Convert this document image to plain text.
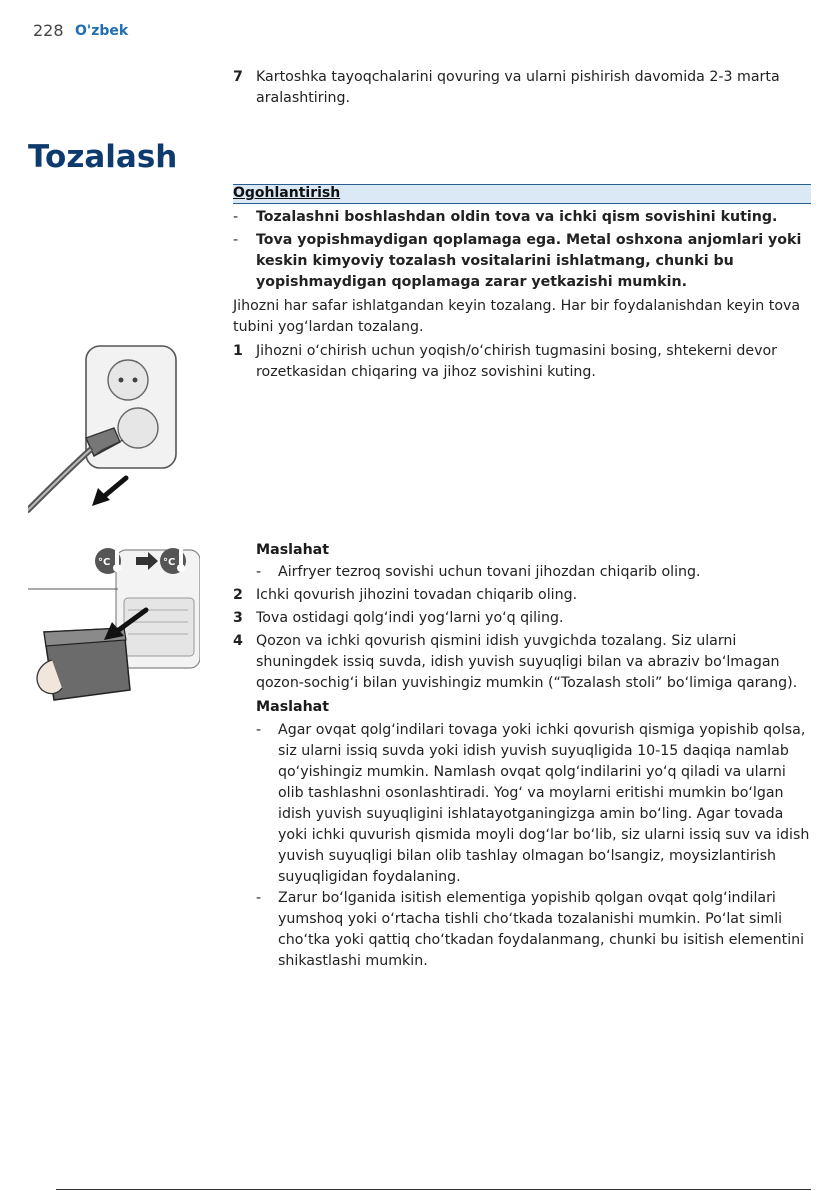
228 O'zbek
7 Kartoshka tayoqchalarini qovuring va ularni pishirish davomida 2-3 marta aralashtiring.
Tozalash
Ogohlantirish
-	Tozalashni boshlashdan oldin tova va ichki qism sovishini kuting.
-	Tova yopishmaydigan qoplamaga ega. Metal oshxona anjomlari yoki keskin kimyoviy tozalash vositalarini ishlatmang, chunki bu yopishmaydigan qoplamaga zarar yetkazishi mumkin.
Jihozni har safar ishlatgandan keyin tozalang. Har bir foydalanishdan keyin tova tubini yog‘lardan tozalang.
1 Jihozni o‘chirish uchun yoqish/o‘chirish tugmasini bosing, shtekerni devor rozetkasidan chiqaring va jihoz sovishini kuting.
Maslahat
-	Airfryer tezroq sovishi uchun tovani jihozdan chiqarib oling.
2 Ichki qovurish jihozini tovadan chiqarib oling.
3 Tova ostidagi qolg‘indi yog‘larni yo‘q qiling.
4 Qozon va ichki qovurish qismini idish yuvgichda tozalang. Siz ularni shuningdek issiq suvda, idish yuvish suyuqligi bilan va abraziv bo‘lmagan qozon-sochig‘i bilan yuvishingiz mumkin (“Tozalash stoli” bo‘limiga qarang).
°C	°C
Maslahat
-	Agar ovqat qolg‘indilari tovaga yoki ichki qovurish qismiga yopishib qolsa, siz ularni issiq suvda yoki idish yuvish suyuqligida 10-15 daqiqa namlab qo‘yishingiz mumkin. Namlash ovqat qolg‘indilarini yo‘q qiladi va ularni olib tashlashni osonlashtiradi. Yog‘ va moylarni eritishi mumkin bo‘lgan idish yuvish suyuqligini ishlatayotganingizga amin bo‘ling. Agar tovada yoki ichki quvurish qismida moyli dog‘lar bo‘lib, siz ularni issiq suv va idish yuvish suyuqligi bilan olib tashlay olmagan bo‘lsangiz, moysizlantirish suyuqligidan foydalaning.
-	Zarur bo‘lganida isitish elementiga yopishib qolgan ovqat qolg‘indilari yumshoq yoki o‘rtacha tishli cho‘tkada tozalanishi mumkin. Po‘lat simli cho‘tka yoki qattiq cho‘tkadan foydalanmang, chunki bu isitish elementini shikastlashi mumkin.
